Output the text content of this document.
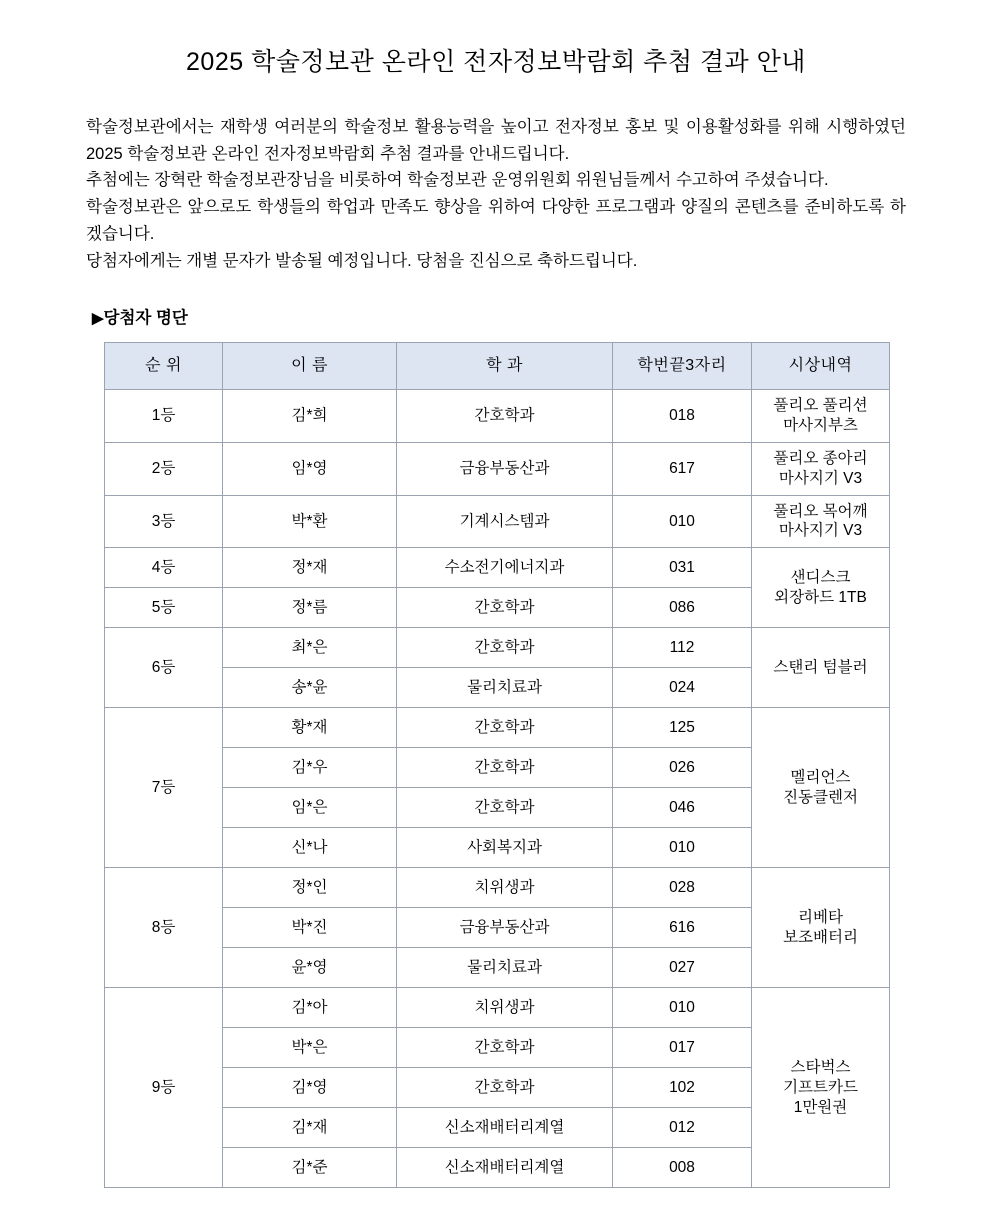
2025 학술정보관 온라인 전자정보박람회 추첨 결과 안내

학술정보관에서는 재학생 여러분의 학술정보 활용능력을 높이고 전자정보 홍보 및 이용활성화를 위해 시행하였던 2025 학술정보관 온라인 전자정보박람회 추첨 결과를 안내드립니다.

추첨에는 장혁란 학술정보관장님을 비롯하여 학술정보관 운영위원회 위원님들께서 수고하여 주셨습니다.

학술정보관은 앞으로도 학생들의 학업과 만족도 향상을 위하여 다양한 프로그램과 양질의 콘텐츠를 준비하도록 하겠습니다.

당첨자에게는 개별 문자가 발송될 예정입니다. 당첨을 진심으로 축하드립니다.

▶당첨자 명단
순 위	이 름	학 과	학번끝3자리	시상내역
1등	김*희	간호학과	018	풀리오 풀리션
마사지부츠
2등	임*영	금융부동산과	617	풀리오 종아리
마사지기 V3
3등	박*환	기계시스템과	010	풀리오 목어깨
마사지기 V3
4등	정*재	수소전기에너지과	031	샌디스크
외장하드 1TB
5등	정*름	간호학과	086	
6등	최*은	간호학과	112	스탠리 텀블러
	송*윤	물리치료과	024	
7등	황*재	간호학과	125	멜리언스
진동클렌저
	김*우	간호학과	026	
	임*은	간호학과	046	
	신*나	사회복지과	010	
8등	정*인	치위생과	028	리베타
보조배터리
	박*진	금융부동산과	616	
	윤*영	물리치료과	027	
9등	김*아	치위생과	010	스타벅스
기프트카드
1만원권
	박*은	간호학과	017	
	김*영	간호학과	102	
	김*재	신소재배터리계열	012	
	김*준	신소재배터리계열	008	
